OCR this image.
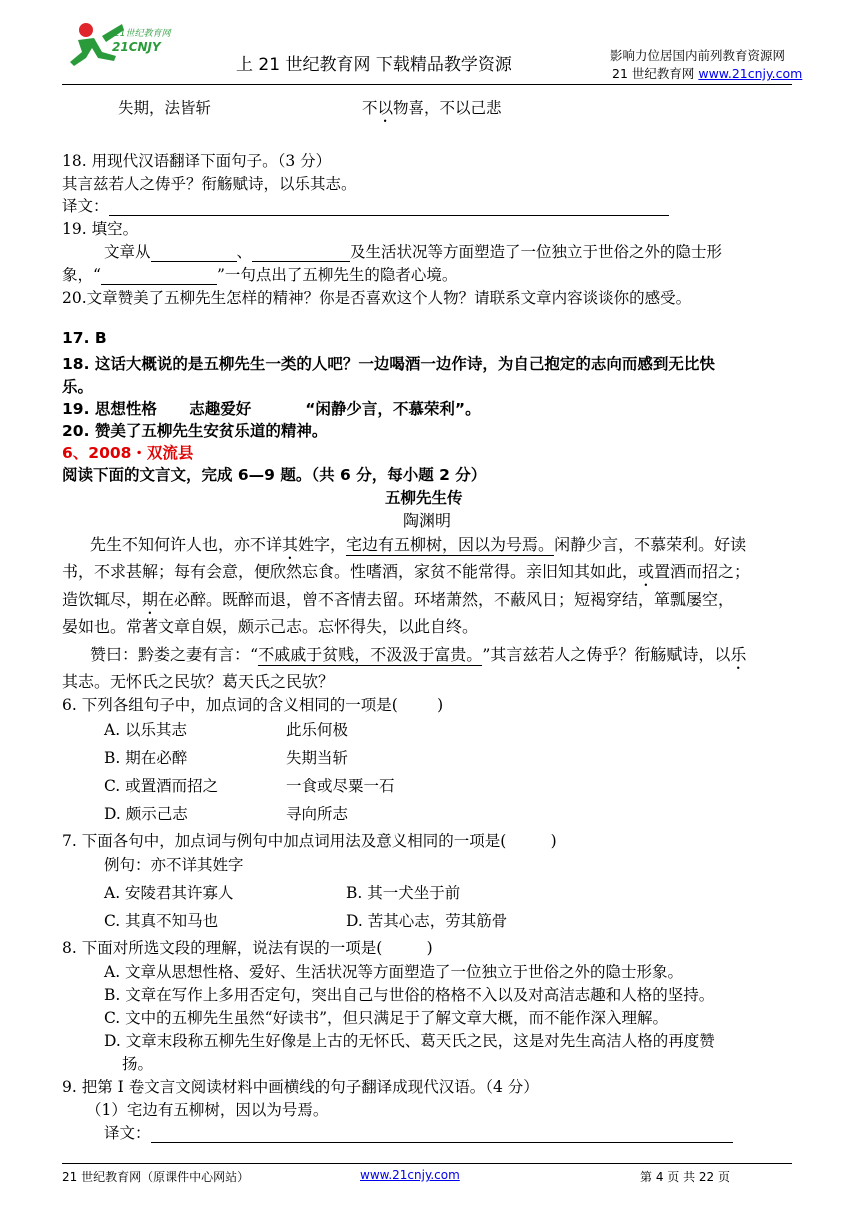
21世纪教育网
21CNJY
上 21 世纪教育网 下载精品教学资源	影响力位居国内前列教育资源网
21 世纪教育网 www.21cnjy.com
失期，法皆斩	不以物喜，不以己悲
18. 用现代汉语翻译下面句子。（3 分）
其言兹若人之俦乎？衔觞赋诗，以乐其志。
译文：
19. 填空。
文章从	、	及生活状况等方面塑造了一位独立于世俗之外的隐士形
象，“	”一句点出了五柳先生的隐者心境。
20.文章赞美了五柳先生怎样的精神？你是否喜欢这个人物？请联系文章内容谈谈你的感受。
17. B
18. 这话大概说的是五柳先生一类的人吧？一边喝酒一边作诗，为自己抱定的志向而感到无比快
乐。
19. 思想性格      志趣爱好          “闲静少言，不慕荣利”。
20. 赞美了五柳先生安贫乐道的精神。
6、2008・双流县
阅读下面的文言文，完成 6—9 题。（共 6 分，每小题 2 分）
五柳先生传
陶渊明
先生不知何许人也，亦不详其姓字，宅边有五柳树，因以为号焉。闲静少言，不慕荣利。好读
书，不求甚解；每有会意，便欣然忘食。性嗜酒，家贫不能常得。亲旧知其如此，或置酒而招之；
造饮辄尽，期在必醉。既醉而退，曾不吝情去留。环堵萧然，不蔽风日；短褐穿结，箪瓢屡空，
晏如也。常著文章自娱，颇示己志。忘怀得失，以此自终。
赞曰：黔娄之妻有言：“不戚戚于贫贱，不汲汲于富贵。”其言兹若人之俦乎？衔觞赋诗，以乐
其志。无怀氏之民欤？葛天氏之民欤？
6. 下列各组句子中，加点词的含义相同的一项是(        )
A. 以乐其志	此乐何极
B. 期在必醉	失期当斩
C. 或置酒而招之	一食或尽粟一石
D. 颇示己志	寻向所志
7. 下面各句中，加点词与例句中加点词用法及意义相同的一项是(         )
例句：亦不详其姓字
A. 安陵君其许寡人	B. 其一犬坐于前
C. 其真不知马也	D. 苦其心志，劳其筋骨
8. 下面对所选文段的理解，说法有误的一项是(         )
A. 文章从思想性格、爱好、生活状况等方面塑造了一位独立于世俗之外的隐士形象。
B. 文章在写作上多用否定句，突出自己与世俗的格格不入以及对高洁志趣和人格的坚持。
C. 文中的五柳先生虽然“好读书”，但只满足于了解文章大概，而不能作深入理解。
D. 文章末段称五柳先生好像是上古的无怀氏、葛天氏之民，这是对先生高洁人格的再度赞
扬。
9. 把第 I 卷文言文阅读材料中画横线的句子翻译成现代汉语。（4 分）
（1）宅边有五柳树，因以为号焉。
译文：
21 世纪教育网（原课件中心网站）	www.21cnjy.com	第 4 页 共 22 页
